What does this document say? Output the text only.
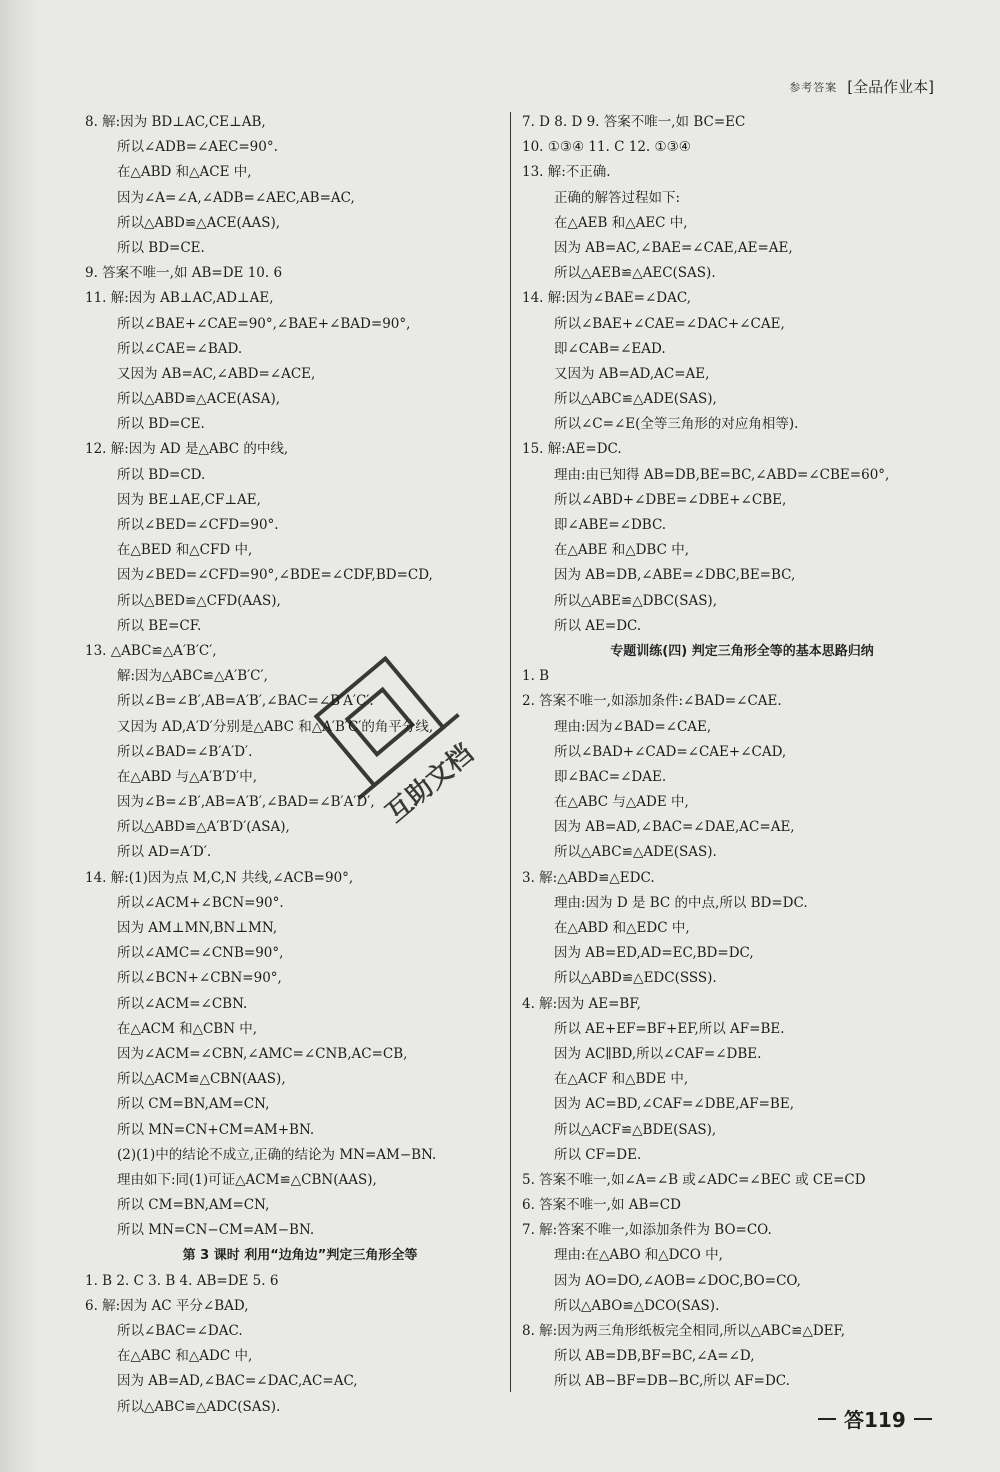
参考答案 [全品作业本]
8. 解:因为 BD⊥AC,CE⊥AB,
所以∠ADB=∠AEC=90°.
在△ABD 和△ACE 中,
因为∠A=∠A,∠ADB=∠AEC,AB=AC,
所以△ABD≌△ACE(AAS),
所以 BD=CE.
9. 答案不唯一,如 AB=DE 10. 6
11. 解:因为 AB⊥AC,AD⊥AE,
所以∠BAE+∠CAE=90°,∠BAE+∠BAD=90°,
所以∠CAE=∠BAD.
又因为 AB=AC,∠ABD=∠ACE,
所以△ABD≌△ACE(ASA),
所以 BD=CE.
12. 解:因为 AD 是△ABC 的中线,
所以 BD=CD.
因为 BE⊥AE,CF⊥AE,
所以∠BED=∠CFD=90°.
在△BED 和△CFD 中,
因为∠BED=∠CFD=90°,∠BDE=∠CDF,BD=CD,
所以△BED≌△CFD(AAS),
所以 BE=CF.
13. △ABC≌△A′B′C′,
解:因为△ABC≌△A′B′C′,
所以∠B=∠B′,AB=A′B′,∠BAC=∠B′A′C′.
又因为 AD,A′D′分别是△ABC 和△A′B′C′的角平分线,
所以∠BAD=∠B′A′D′.
在△ABD 与△A′B′D′中,
因为∠B=∠B′,AB=A′B′,∠BAD=∠B′A′D′,
所以△ABD≌△A′B′D′(ASA),
所以 AD=A′D′.
14. 解:(1)因为点 M,C,N 共线,∠ACB=90°,
所以∠ACM+∠BCN=90°.
因为 AM⊥MN,BN⊥MN,
所以∠AMC=∠CNB=90°,
所以∠BCN+∠CBN=90°,
所以∠ACM=∠CBN.
在△ACM 和△CBN 中,
因为∠ACM=∠CBN,∠AMC=∠CNB,AC=CB,
所以△ACM≌△CBN(AAS),
所以 CM=BN,AM=CN,
所以 MN=CN+CM=AM+BN.
(2)(1)中的结论不成立,正确的结论为 MN=AM−BN.
理由如下:同(1)可证△ACM≌△CBN(AAS),
所以 CM=BN,AM=CN,
所以 MN=CN−CM=AM−BN.
第 3 课时 利用“边角边”判定三角形全等
1. B 2. C 3. B 4. AB=DE 5. 6
6. 解:因为 AC 平分∠BAD,
所以∠BAC=∠DAC.
在△ABC 和△ADC 中,
因为 AB=AD,∠BAC=∠DAC,AC=AC,
所以△ABC≌△ADC(SAS).
7. D 8. D 9. 答案不唯一,如 BC=EC
10. ①③④ 11. C 12. ①③④
13. 解:不正确.
正确的解答过程如下:
在△AEB 和△AEC 中,
因为 AB=AC,∠BAE=∠CAE,AE=AE,
所以△AEB≌△AEC(SAS).
14. 解:因为∠BAE=∠DAC,
所以∠BAE+∠CAE=∠DAC+∠CAE,
即∠CAB=∠EAD.
又因为 AB=AD,AC=AE,
所以△ABC≌△ADE(SAS),
所以∠C=∠E(全等三角形的对应角相等).
15. 解:AE=DC.
理由:由已知得 AB=DB,BE=BC,∠ABD=∠CBE=60°,
所以∠ABD+∠DBE=∠DBE+∠CBE,
即∠ABE=∠DBC.
在△ABE 和△DBC 中,
因为 AB=DB,∠ABE=∠DBC,BE=BC,
所以△ABE≌△DBC(SAS),
所以 AE=DC.
专题训练(四) 判定三角形全等的基本思路归纳
1. B
2. 答案不唯一,如添加条件:∠BAD=∠CAE.
理由:因为∠BAD=∠CAE,
所以∠BAD+∠CAD=∠CAE+∠CAD,
即∠BAC=∠DAE.
在△ABC 与△ADE 中,
因为 AB=AD,∠BAC=∠DAE,AC=AE,
所以△ABC≌△ADE(SAS).
3. 解:△ABD≌△EDC.
理由:因为 D 是 BC 的中点,所以 BD=DC.
在△ABD 和△EDC 中,
因为 AB=ED,AD=EC,BD=DC,
所以△ABD≌△EDC(SSS).
4. 解:因为 AE=BF,
所以 AE+EF=BF+EF,所以 AF=BE.
因为 AC∥BD,所以∠CAF=∠DBE.
在△ACF 和△BDE 中,
因为 AC=BD,∠CAF=∠DBE,AF=BE,
所以△ACF≌△BDE(SAS),
所以 CF=DE.
5. 答案不唯一,如∠A=∠B 或∠ADC=∠BEC 或 CE=CD
6. 答案不唯一,如 AB=CD
7. 解:答案不唯一,如添加条件为 BO=CO.
理由:在△ABO 和△DCO 中,
因为 AO=DO,∠AOB=∠DOC,BO=CO,
所以△ABO≌△DCO(SAS).
8. 解:因为两三角形纸板完全相同,所以△ABC≌△DEF,
所以 AB=DB,BF=BC,∠A=∠D,
所以 AB−BF=DB−BC,所以 AF=DC.
互助文档
答119
